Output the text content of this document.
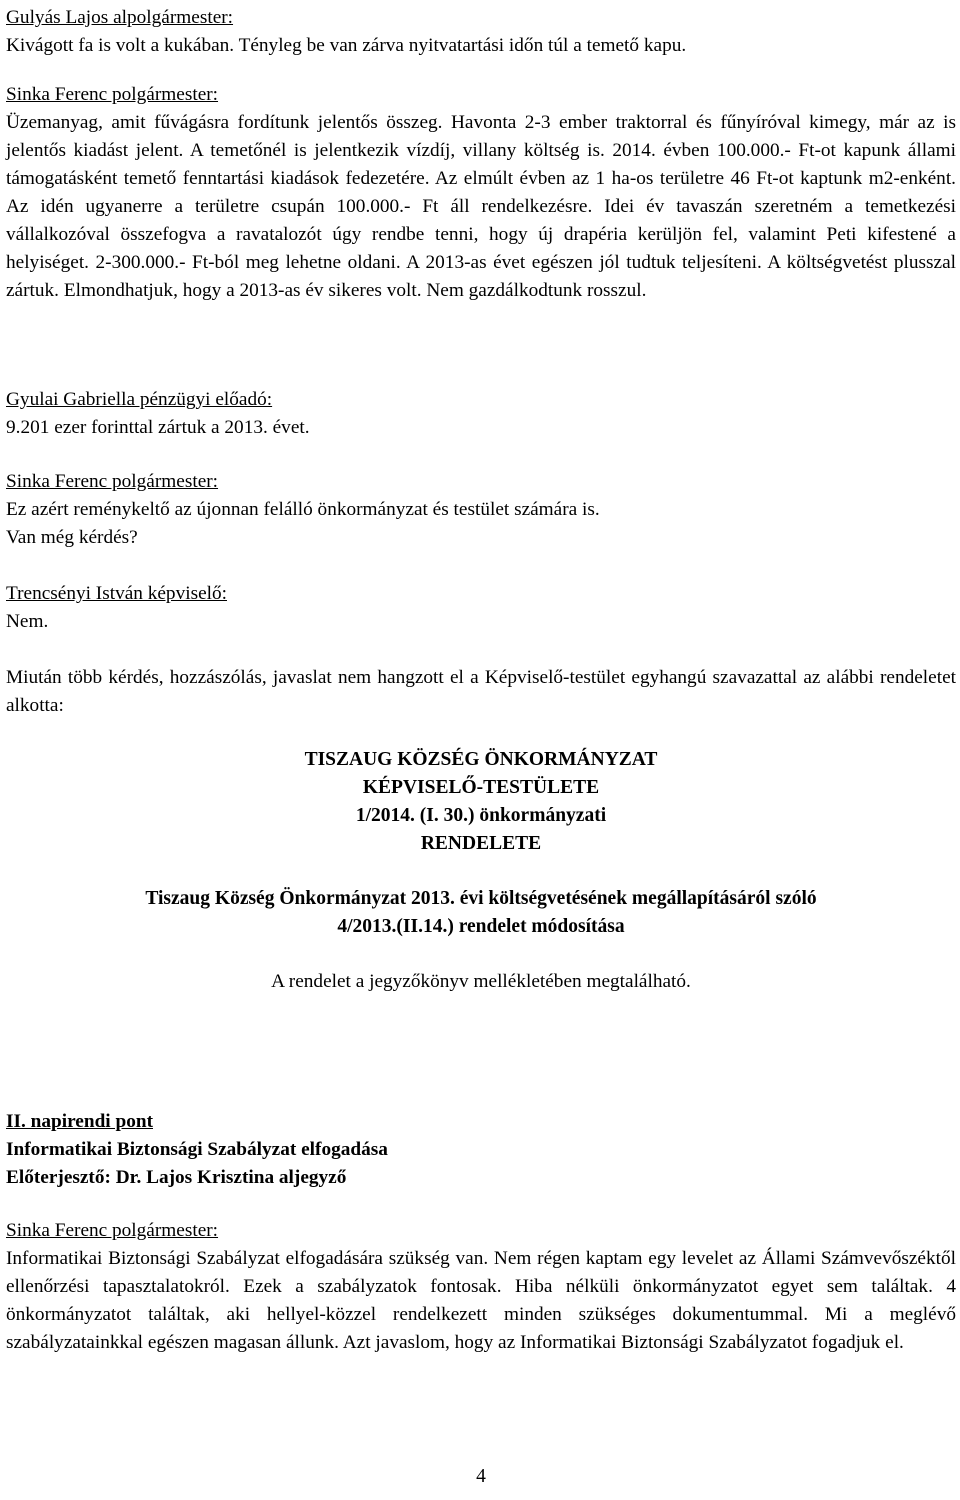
Gulyás Lajos alpolgármester:
Kivágott fa is volt a kukában. Tényleg be van zárva nyitvatartási időn túl a temető kapu.
Sinka Ferenc polgármester:
Üzemanyag, amit fűvágásra fordítunk jelentős összeg. Havonta 2-3 ember traktorral és fűnyíróval kimegy, már az is jelentős kiadást jelent. A temetőnél is jelentkezik vízdíj, villany költség is. 2014. évben 100.000.- Ft-ot kapunk állami támogatásként temető fenntartási kiadások fedezetére. Az elmúlt évben az 1 ha-os területre 46 Ft-ot kaptunk m2-enként. Az idén ugyanerre a területre csupán 100.000.- Ft áll rendelkezésre. Idei év tavaszán szeretném a temetkezési vállalkozóval összefogva a ravatalozót úgy rendbe tenni, hogy új drapéria kerüljön fel, valamint Peti kifestené a helyiséget. 2-300.000.- Ft-ból meg lehetne oldani. A 2013-as évet egészen jól tudtuk teljesíteni. A költségvetést plusszal zártuk. Elmondhatjuk, hogy a 2013-as év sikeres volt. Nem gazdálkodtunk rosszul.
Gyulai Gabriella pénzügyi előadó:
9.201 ezer forinttal zártuk a 2013. évet.
Sinka Ferenc polgármester:
Ez azért reménykeltő az újonnan felálló önkormányzat és testület számára is.
Van még kérdés?
Trencsényi István képviselő:
Nem.
Miután több kérdés, hozzászólás, javaslat nem hangzott el a Képviselő-testület egyhangú szavazattal az alábbi rendeletet alkotta:
TISZAUG KÖZSÉG ÖNKORMÁNYZAT
KÉPVISELŐ-TESTÜLETE
1/2014. (I. 30.) önkormányzati
RENDELETE
Tiszaug Község Önkormányzat 2013. évi költségvetésének megállapításáról szóló
4/2013.(II.14.) rendelet módosítása
A rendelet a jegyzőkönyv mellékletében megtalálható.
II. napirendi pont
Informatikai Biztonsági Szabályzat elfogadása
Előterjesztő: Dr. Lajos Krisztina aljegyző
Sinka Ferenc polgármester:
Informatikai Biztonsági Szabályzat elfogadására szükség van. Nem régen kaptam egy levelet az Állami Számvevőszéktől ellenőrzési tapasztalatokról. Ezek a szabályzatok fontosak. Hiba nélküli önkormányzatot egyet sem találtak. 4 önkormányzatot találtak, aki hellyel-közzel rendelkezett minden szükséges dokumentummal. Mi a meglévő szabályzatainkkal egészen magasan állunk. Azt javaslom, hogy az Informatikai Biztonsági Szabályzatot fogadjuk el.
4
